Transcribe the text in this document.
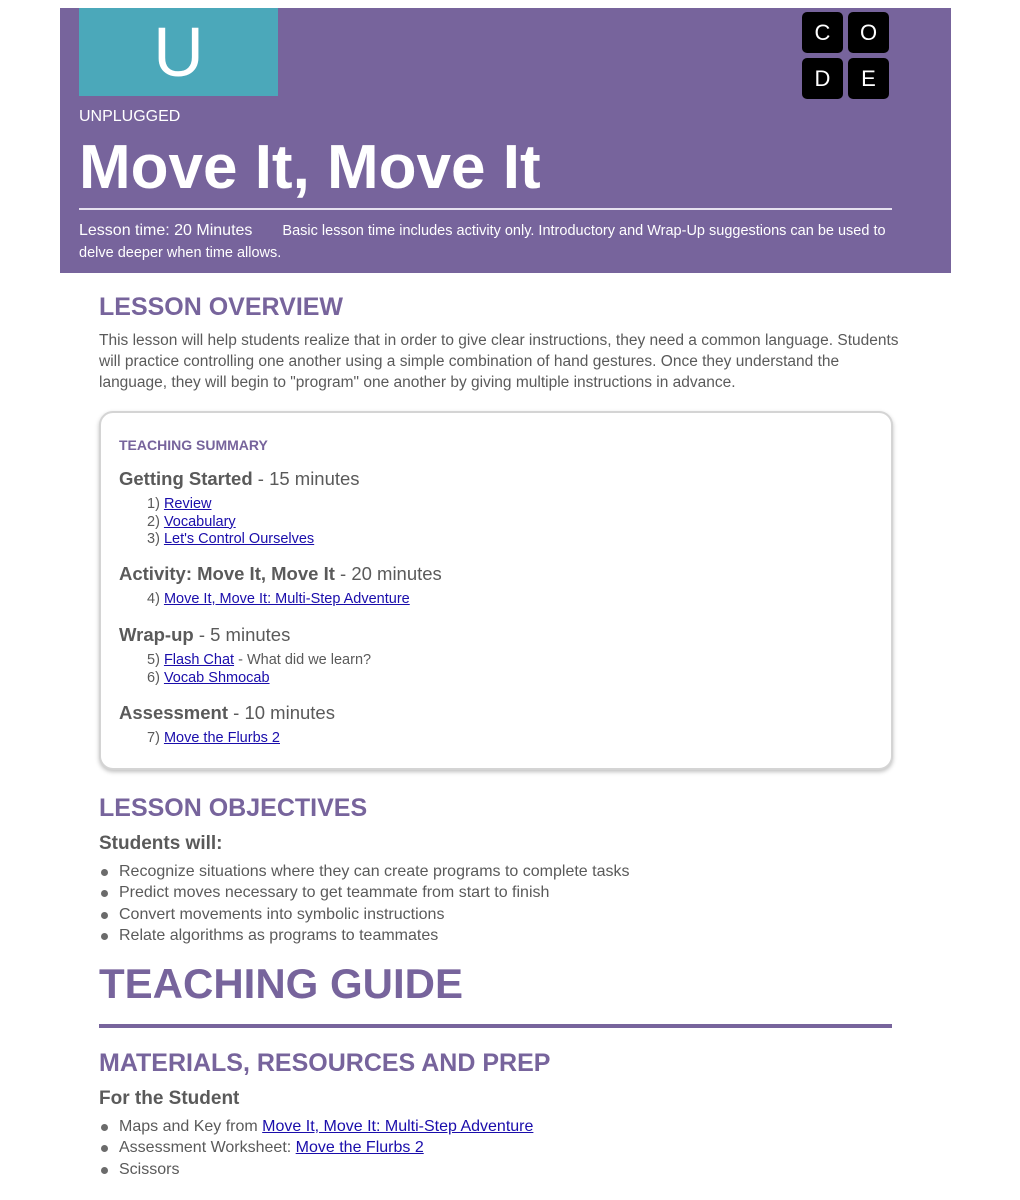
U	C	O
D	E
UNPLUGGED
Move It, Move It
Lesson time: 20 Minutes Basic lesson time includes activity only. Introductory and Wrap-Up suggestions can be used to delve deeper when time allows.
LESSON OVERVIEW
This lesson will help students realize that in order to give clear instructions, they need a common language. Students will practice controlling one another using a simple combination of hand gestures. Once they understand the language, they will begin to "program" one another by giving multiple instructions in advance.
TEACHING SUMMARY
Getting Started - 15 minutes
1) Review
2) Vocabulary
3) Let's Control Ourselves
Activity: Move It, Move It - 20 minutes
4) Move It, Move It: Multi-Step Adventure
Wrap-up - 5 minutes
5) Flash Chat - What did we learn?
6) Vocab Shmocab
Assessment - 10 minutes
7) Move the Flurbs 2
LESSON OBJECTIVES
Students will:
Recognize situations where they can create programs to complete tasks
Predict moves necessary to get teammate from start to finish
Convert movements into symbolic instructions
Relate algorithms as programs to teammates
TEACHING GUIDE
MATERIALS, RESOURCES AND PREP
For the Student
Maps and Key from Move It, Move It: Multi-Step Adventure
Assessment Worksheet: Move the Flurbs 2
Scissors
